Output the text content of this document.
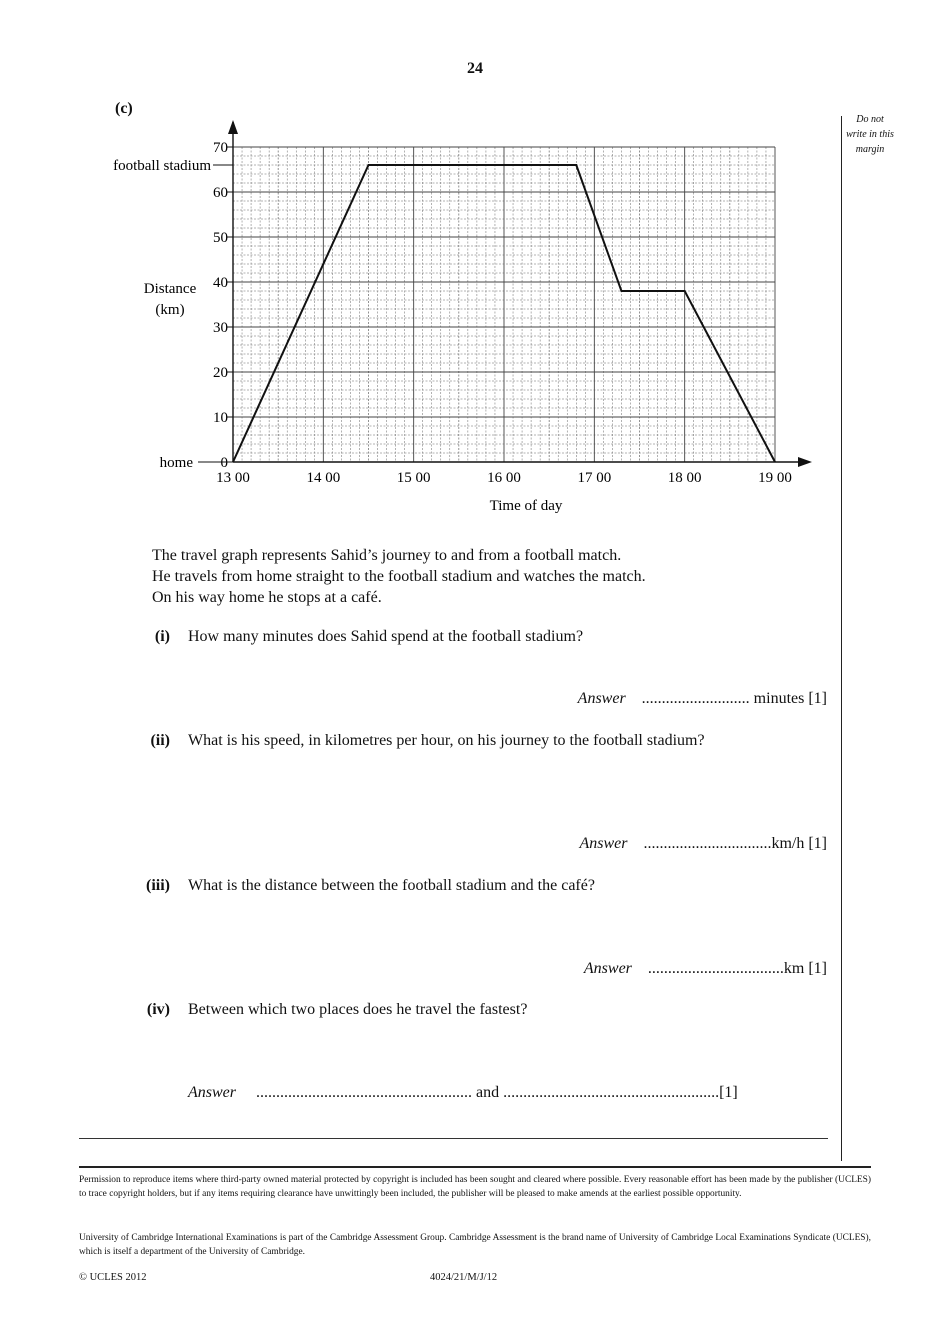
24
(c)
Do not
write in this
margin
0
10
20
30
40
50
60
70
13 00	14 00	15 00	16 00	17 00	18 00	19 00
football stadium
home
Time of day
Distance
(km)
The travel graph represents Sahid’s journey to and from a football match.
He travels from home straight to the football stadium and watches the match.
On his way home he stops at a café.
(i) How many minutes does Sahid spend at the football stadium?
Answer ........................... minutes [1]
(ii) What is his speed, in kilometres per hour, on his journey to the football stadium?
Answer ................................km/h [1]
(iii) What is the distance between the football stadium and the café?
Answer ..................................km [1]
(iv) Between which two places does he travel the fastest?
Answer ...................................................... and ......................................................[1]
Permission to reproduce items where third-party owned material protected by copyright is included has been sought and cleared where possible. Every reasonable effort has been made by the publisher (UCLES) to trace copyright holders, but if any items requiring clearance have unwittingly been included, the publisher will be pleased to make amends at the earliest possible opportunity.
University of Cambridge International Examinations is part of the Cambridge Assessment Group. Cambridge Assessment is the brand name of University of Cambridge Local Examinations Syndicate (UCLES), which is itself a department of the University of Cambridge.
© UCLES 2012	4024/21/M/J/12
